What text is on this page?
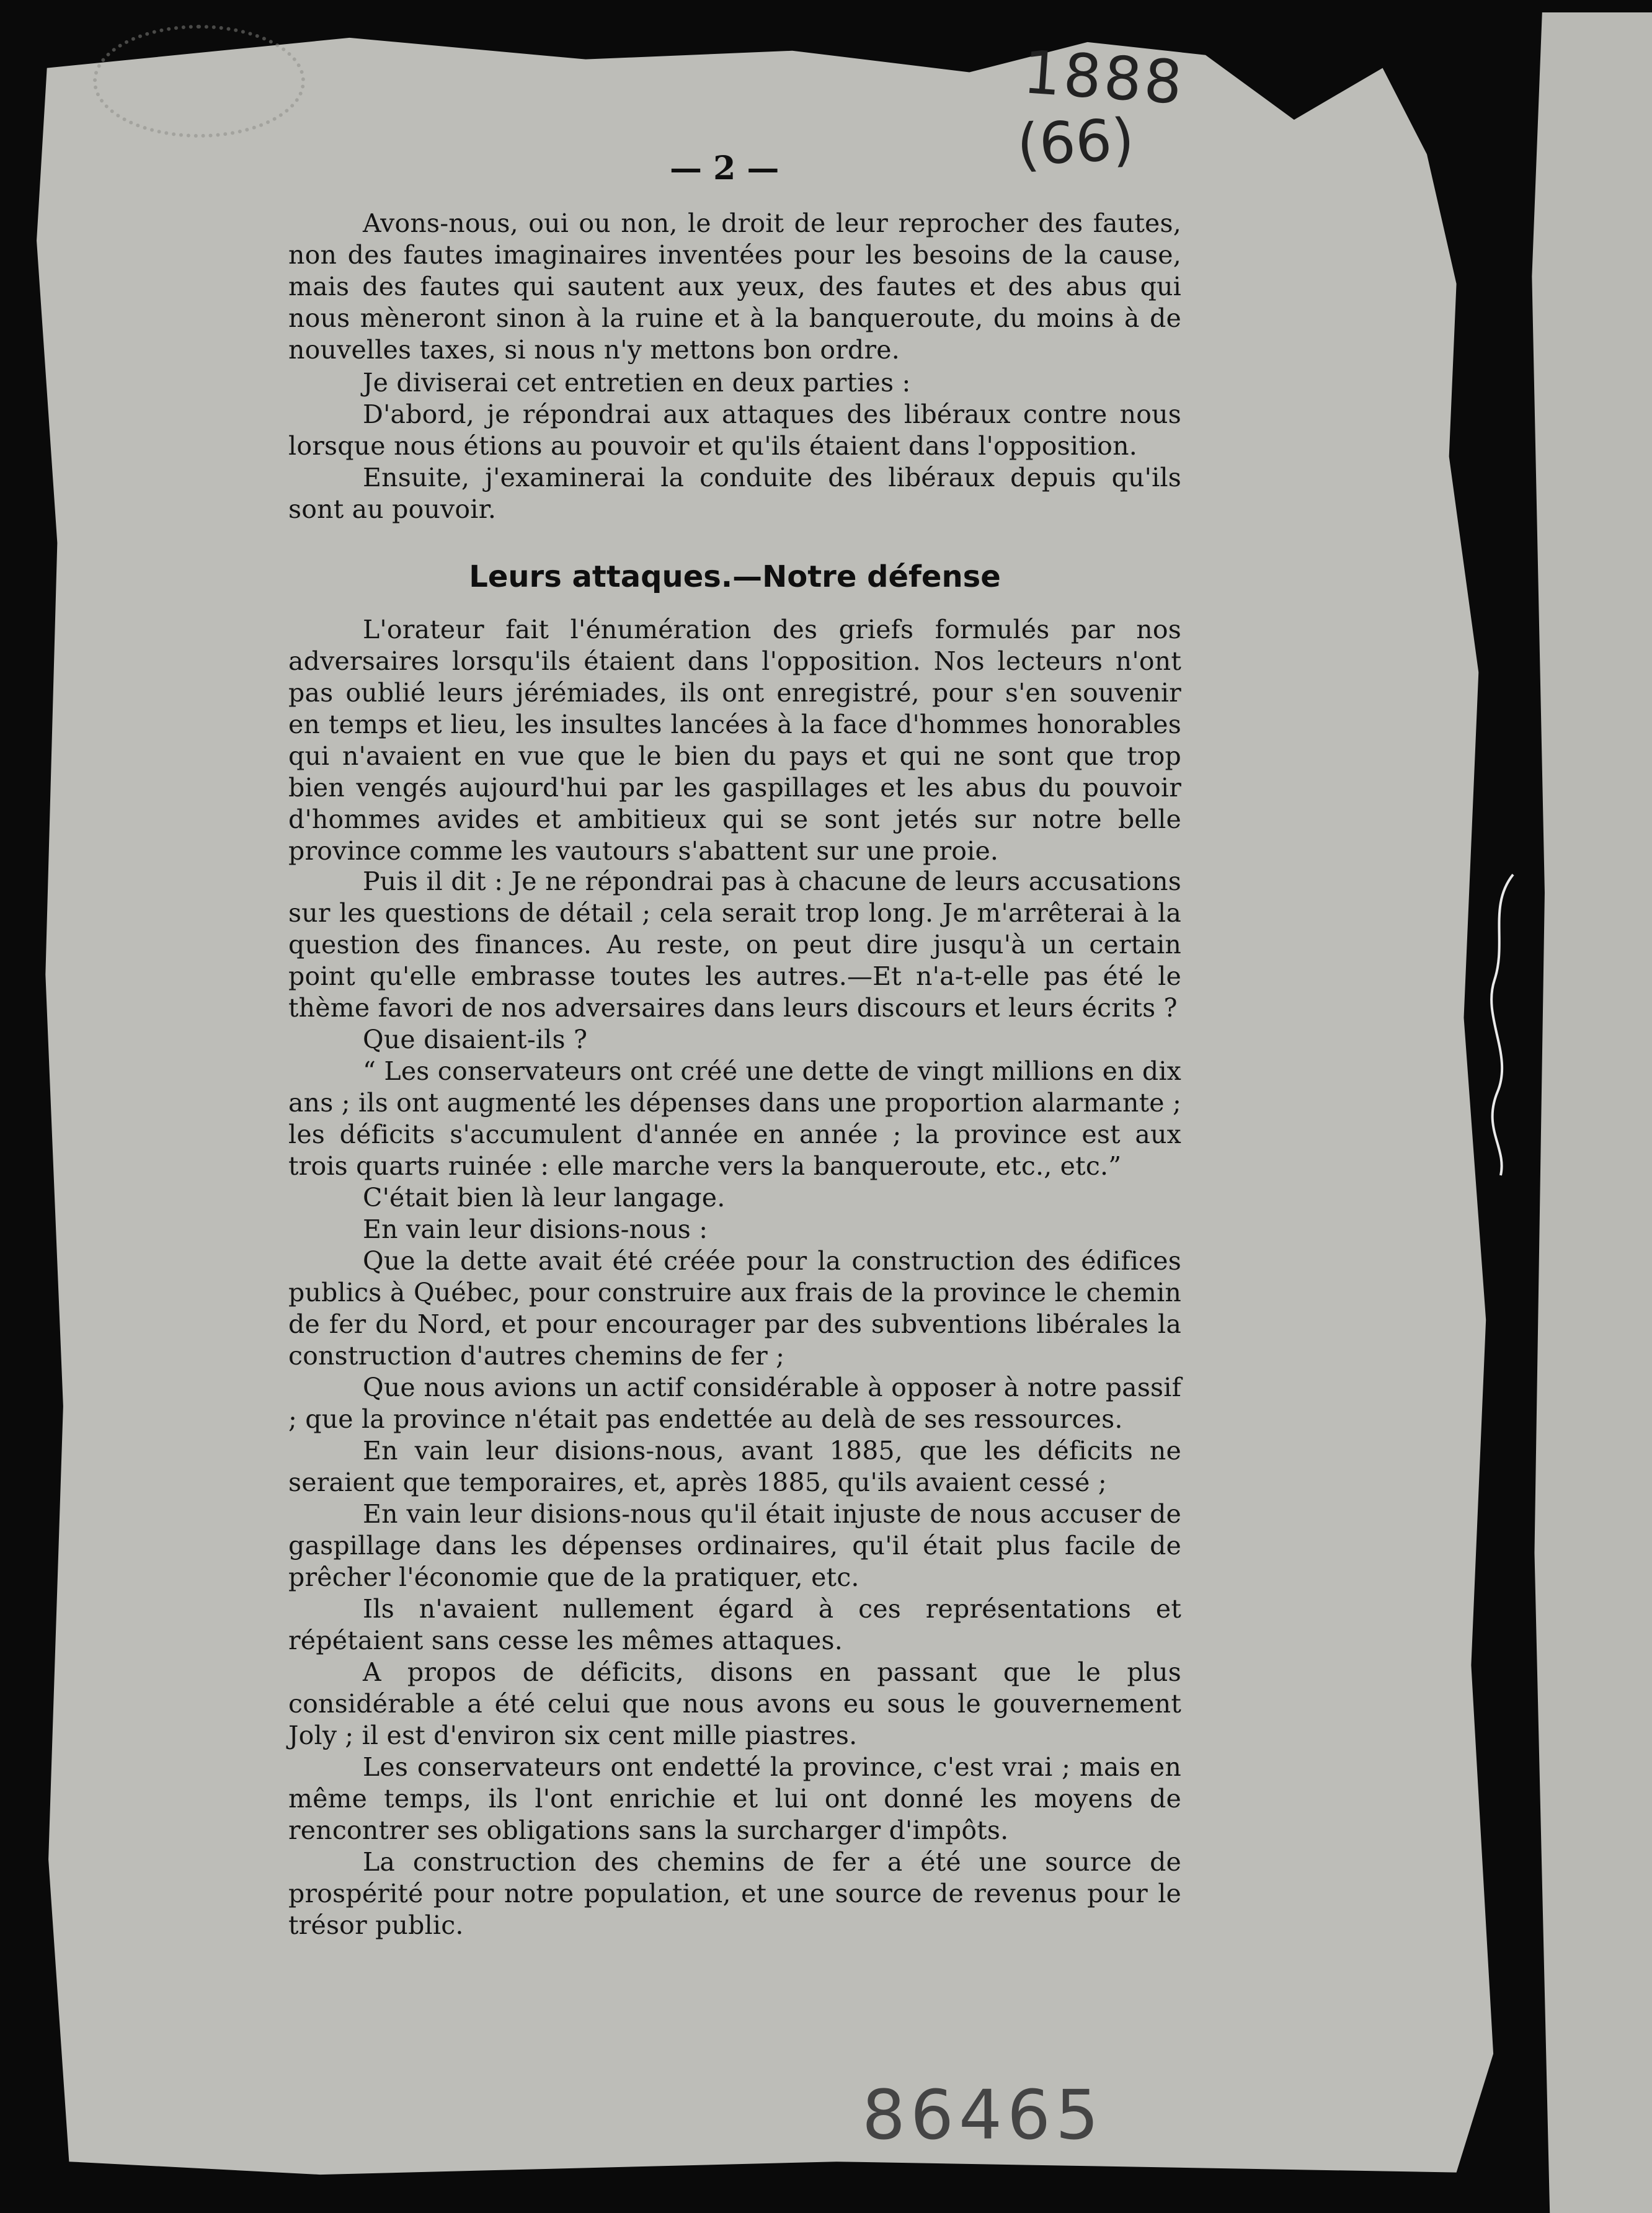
1888
(66)
— 2 —

Avons-nous, oui ou non, le droit de leur reprocher des fautes, non des fautes imaginaires inventées pour les besoins de la cause, mais des fautes qui sautent aux yeux, des fautes et des abus qui nous mèneront sinon à la ruine et à la banqueroute, du moins à de nouvelles taxes, si nous n'y mettons bon ordre.

Je diviserai cet entretien en deux parties :

D'abord, je répondrai aux attaques des libéraux contre nous lorsque nous étions au pouvoir et qu'ils étaient dans l'opposition.

Ensuite, j'examinerai la conduite des libéraux depuis qu'ils sont au pouvoir.

Leurs attaques.—Notre défense

L'orateur fait l'énumération des griefs formulés par nos adversaires lorsqu'ils étaient dans l'opposition. Nos lecteurs n'ont pas oublié leurs jérémiades, ils ont enregistré, pour s'en souvenir en temps et lieu, les insultes lancées à la face d'hommes honorables qui n'avaient en vue que le bien du pays et qui ne sont que trop bien vengés aujourd'hui par les gaspillages et les abus du pouvoir d'hommes avides et ambitieux qui se sont jetés sur notre belle province comme les vautours s'abattent sur une proie.

Puis il dit : Je ne répondrai pas à chacune de leurs accusations sur les questions de détail ; cela serait trop long. Je m'arrêterai à la question des finances. Au reste, on peut dire jusqu'à un certain point qu'elle embrasse toutes les autres.—Et n'a-t-elle pas été le thème favori de nos adversaires dans leurs discours et leurs écrits ?

Que disaient-ils ?

“ Les conservateurs ont créé une dette de vingt millions en dix ans ; ils ont augmenté les dépenses dans une proportion alarmante ; les déficits s'accumulent d'année en année ; la province est aux trois quarts ruinée : elle marche vers la banqueroute, etc., etc.”

C'était bien là leur langage.

En vain leur disions-nous :

Que la dette avait été créée pour la construction des édifices publics à Québec, pour construire aux frais de la province le chemin de fer du Nord, et pour encourager par des subventions libérales la construction d'autres chemins de fer ;

Que nous avions un actif considérable à opposer à notre passif ; que la province n'était pas endettée au delà de ses ressources.

En vain leur disions-nous, avant 1885, que les déficits ne seraient que temporaires, et, après 1885, qu'ils avaient cessé ;

En vain leur disions-nous qu'il était injuste de nous accuser de gaspillage dans les dépenses ordinaires, qu'il était plus facile de prêcher l'économie que de la pratiquer, etc.

Ils n'avaient nullement égard à ces représentations et répétaient sans cesse les mêmes attaques.

A propos de déficits, disons en passant que le plus considérable a été celui que nous avons eu sous le gouvernement Joly ; il est d'environ six cent mille piastres.

Les conservateurs ont endetté la province, c'est vrai ; mais en même temps, ils l'ont enrichie et lui ont donné les moyens de rencontrer ses obligations sans la surcharger d'impôts.

La construction des chemins de fer a été une source de prospérité pour notre population, et une source de revenus pour le trésor public.

86465
